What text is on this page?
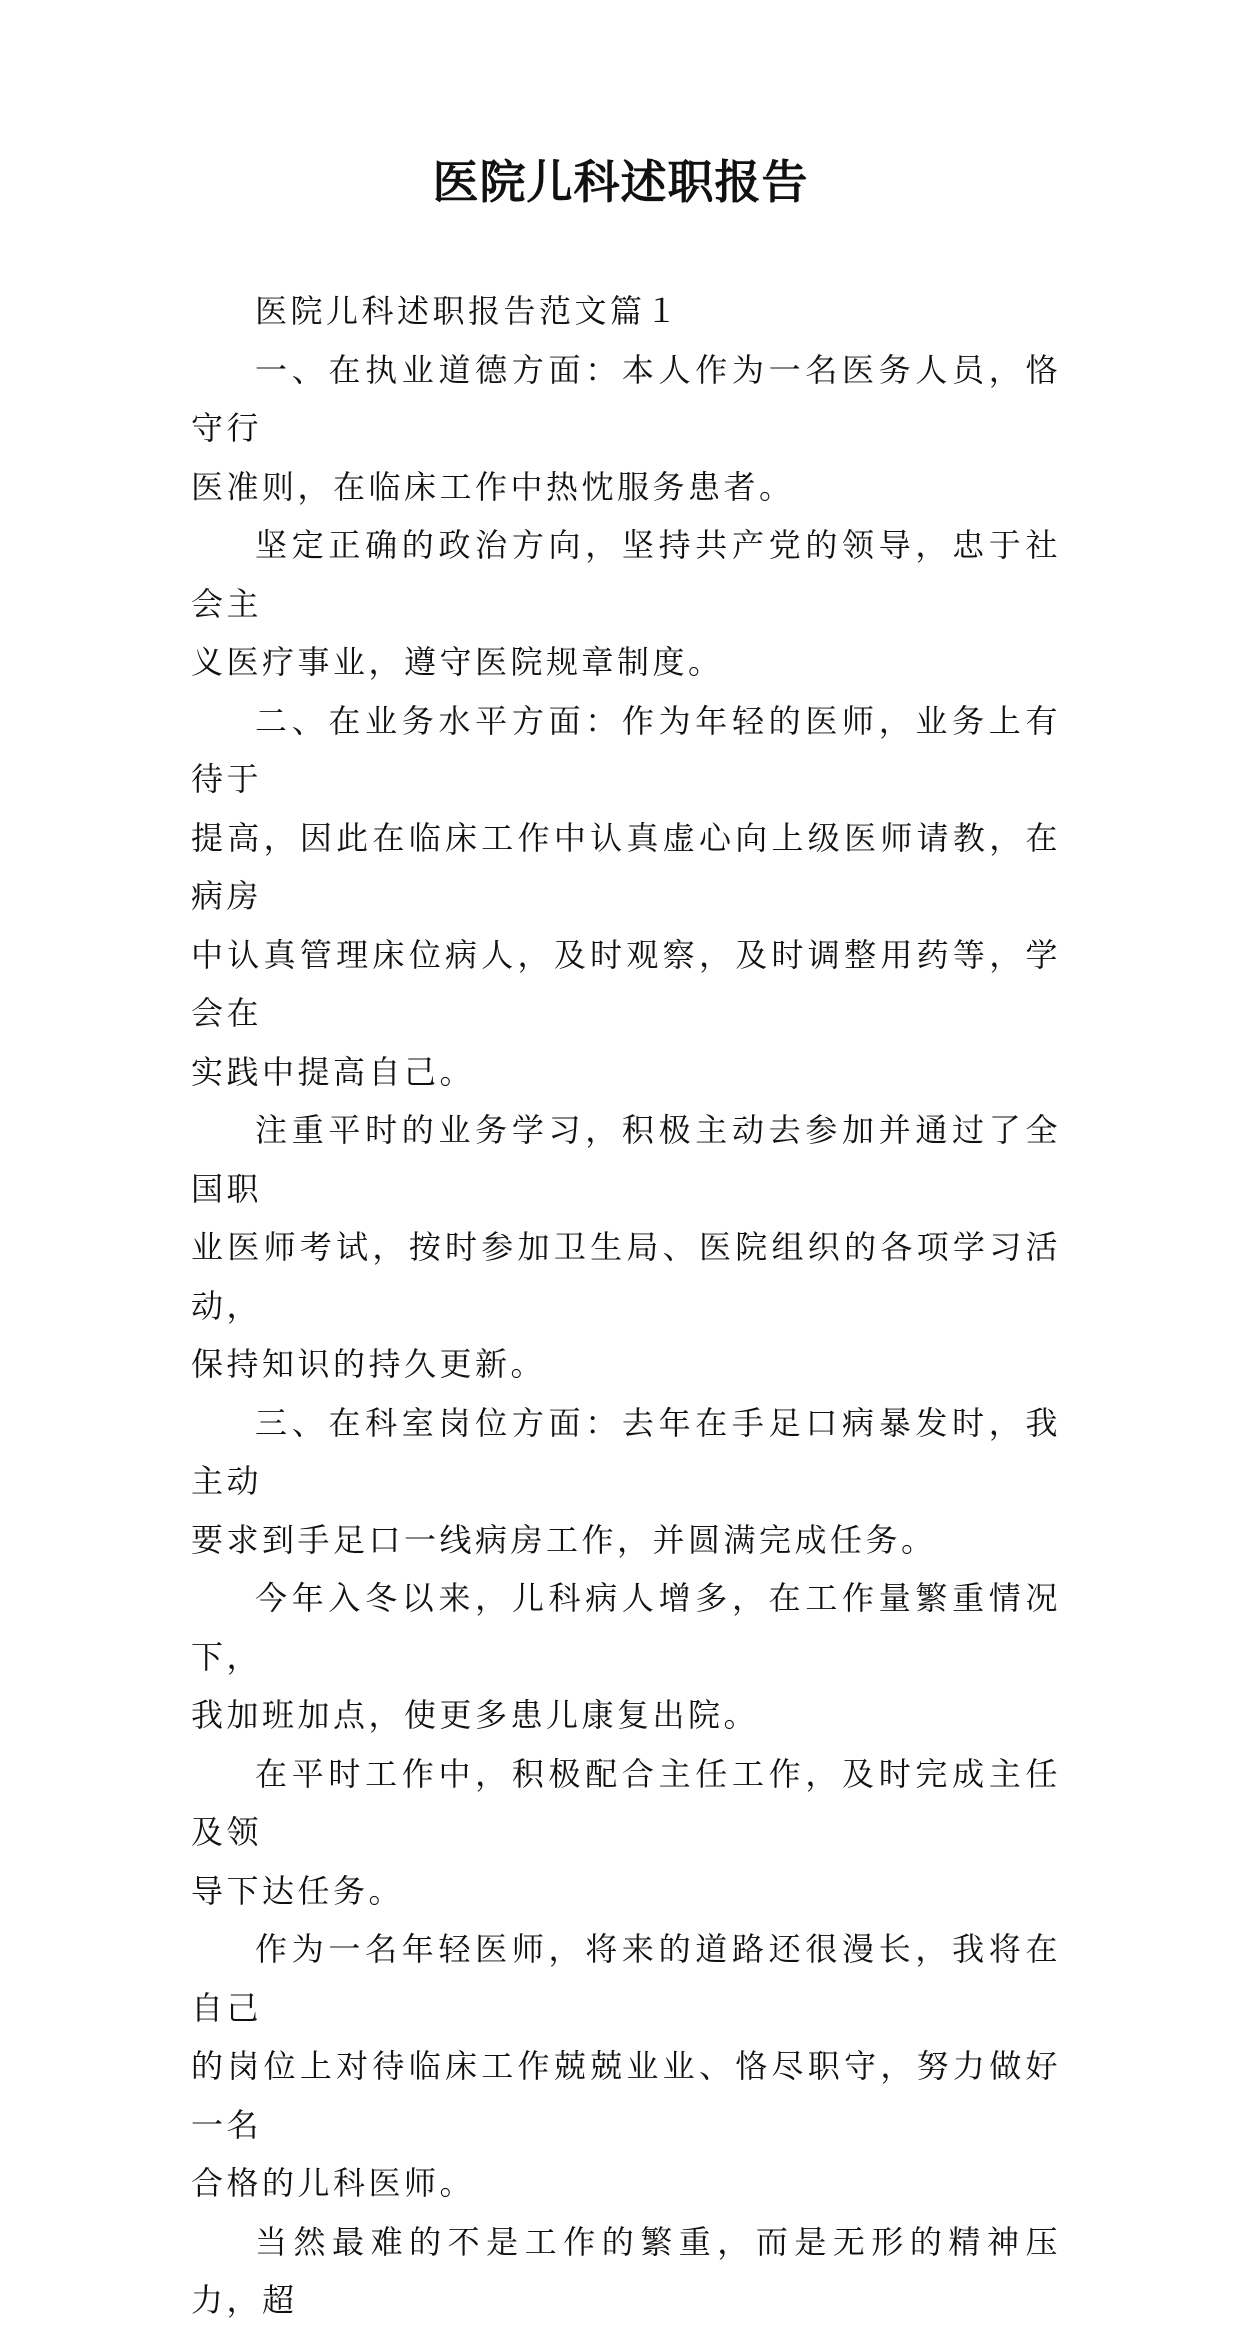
医院儿科述职报告

医院儿科述职报告范文篇１

一、在执业道德方面：本人作为一名医务人员，恪守行
医准则，在临床工作中热忱服务患者。

坚定正确的政治方向，坚持共产党的领导，忠于社会主
义医疗事业，遵守医院规章制度。

二、在业务水平方面：作为年轻的医师，业务上有待于
提高，因此在临床工作中认真虚心向上级医师请教，在病房
中认真管理床位病人，及时观察，及时调整用药等，学会在
实践中提高自己。

注重平时的业务学习，积极主动去参加并通过了全国职
业医师考试，按时参加卫生局、医院组织的各项学习活动，
保持知识的持久更新。

三、在科室岗位方面：去年在手足口病暴发时，我主动
要求到手足口一线病房工作，并圆满完成任务。

今年入冬以来，儿科病人增多，在工作量繁重情况下，
我加班加点，使更多患儿康复出院。

在平时工作中，积极配合主任工作，及时完成主任及领
导下达任务。

作为一名年轻医师，将来的道路还很漫长，我将在自己
的岗位上对待临床工作兢兢业业、恪尽职守，努力做好一名
合格的儿科医师。

当然最难的不是工作的繁重，而是无形的精神压力，超
